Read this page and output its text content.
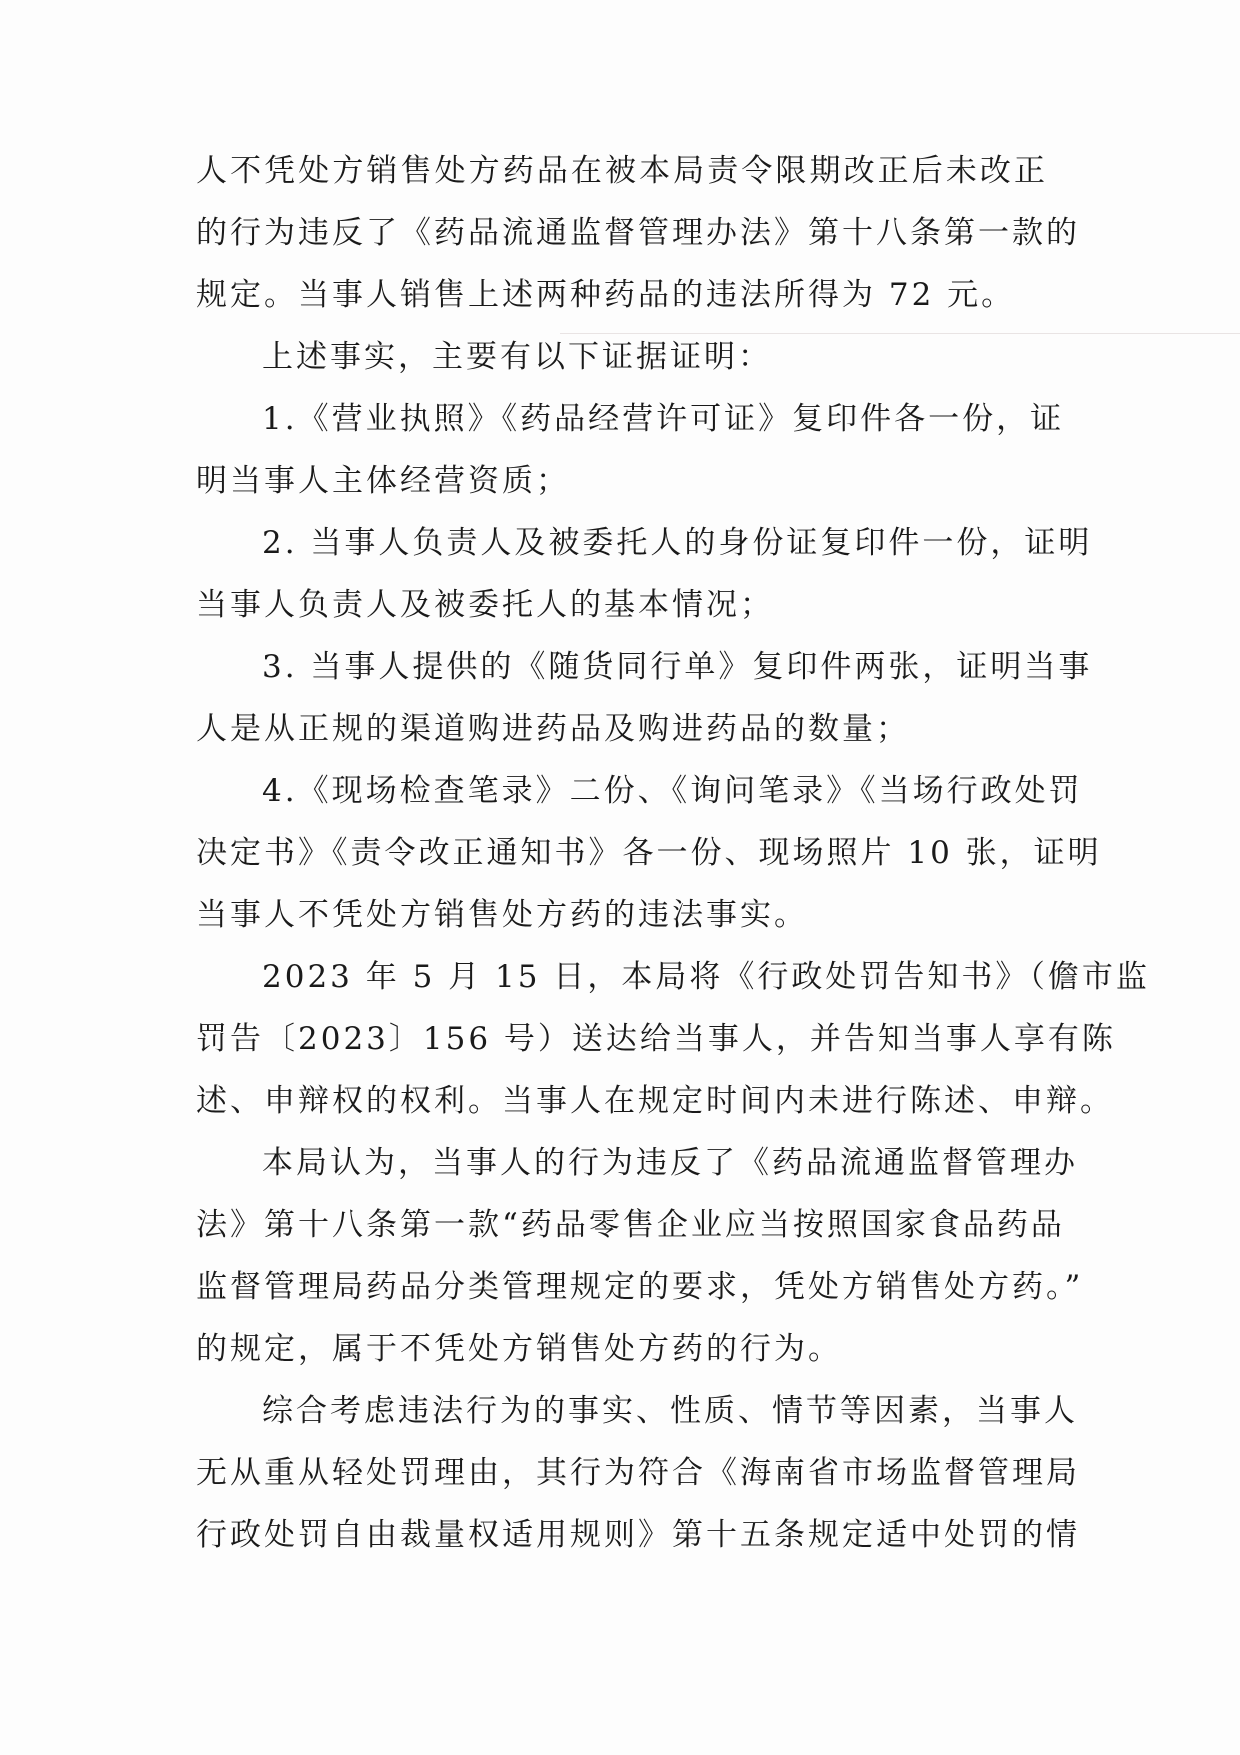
人不凭处方销售处方药品在被本局责令限期改正后未改正
的行为违反了《药品流通监督管理办法》第十八条第一款的
规定。当事人销售上述两种药品的违法所得为 72 元。
上述事实，主要有以下证据证明：
1.《营业执照》《药品经营许可证》复印件各一份，证
明当事人主体经营资质；
2. 当事人负责人及被委托人的身份证复印件一份，证明
当事人负责人及被委托人的基本情况；
3. 当事人提供的《随货同行单》复印件两张，证明当事
人是从正规的渠道购进药品及购进药品的数量；
4.《现场检查笔录》二份、《询问笔录》《当场行政处罚
决定书》《责令改正通知书》各一份、现场照片 10 张，证明
当事人不凭处方销售处方药的违法事实。
2023 年 5 月 15 日，本局将《行政处罚告知书》（儋市监
罚告〔2023〕156 号）送达给当事人，并告知当事人享有陈
述、申辩权的权利。当事人在规定时间内未进行陈述、申辩。
本局认为，当事人的行为违反了《药品流通监督管理办
法》第十八条第一款“药品零售企业应当按照国家食品药品
监督管理局药品分类管理规定的要求，凭处方销售处方药。”
的规定，属于不凭处方销售处方药的行为。
综合考虑违法行为的事实、性质、情节等因素，当事人
无从重从轻处罚理由，其行为符合《海南省市场监督管理局
行政处罚自由裁量权适用规则》第十五条规定适中处罚的情
